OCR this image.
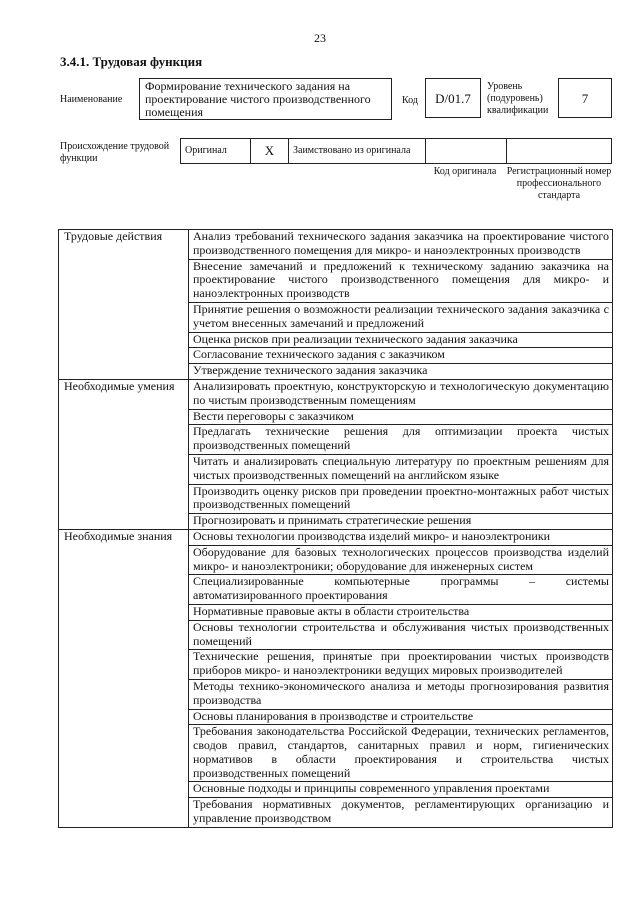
23
3.4.1. Трудовая функция
Наименование
Формирование технического задания на проектирование чистого производственного помещения
Код	D/01.7
Уровень (подуровень) квалификации
7
Происхождение трудовой функции
Оригинал	X	Заимствовано из оригинала
Код оригинала	Регистрационный номер профессионального стандарта
Трудовые действия	Анализ требований технического задания заказчика на проектирование чистого производственного помещения для микро- и наноэлектронных производств
	Внесение замечаний и предложений к техническому заданию заказчика на проектирование чистого производственного помещения для микро- и наноэлектронных производств
	Принятие решения о возможности реализации технического задания заказчика с учетом внесенных замечаний и предложений
	Оценка рисков при реализации технического задания заказчика
	Согласование технического задания с заказчиком
	Утверждение технического задания заказчика
Необходимые умения	Анализировать проектную, конструкторскую и технологическую документацию по чистым производственным помещениям
	Вести переговоры с заказчиком
	Предлагать технические решения для оптимизации проекта чистых производственных помещений
	Читать и анализировать специальную литературу по проектным решениям для чистых производственных помещений на английском языке
	Производить оценку рисков при проведении проектно-монтажных работ чистых производственных помещений
	Прогнозировать и принимать стратегические решения
Необходимые знания	Основы технологии производства изделий микро- и наноэлектроники
	Оборудование для базовых технологических процессов производства изделий микро- и наноэлектроники; оборудование для инженерных систем
	Специализированные компьютерные программы – системы автоматизированного проектирования
	Нормативные правовые акты в области строительства
	Основы технологии строительства и обслуживания чистых производственных помещений
	Технические решения, принятые при проектировании чистых производств приборов микро- и наноэлектроники ведущих мировых производителей
	Методы технико-экономического анализа и методы прогнозирования развития производства
	Основы планирования в производстве и строительстве
	Требования законодательства Российской Федерации, технических регламентов, сводов правил, стандартов, санитарных правил и норм, гигиенических нормативов в области проектирования и строительства чистых производственных помещений
	Основные подходы и принципы современного управления проектами
	Требования нормативных документов, регламентирующих организацию и управление производством
